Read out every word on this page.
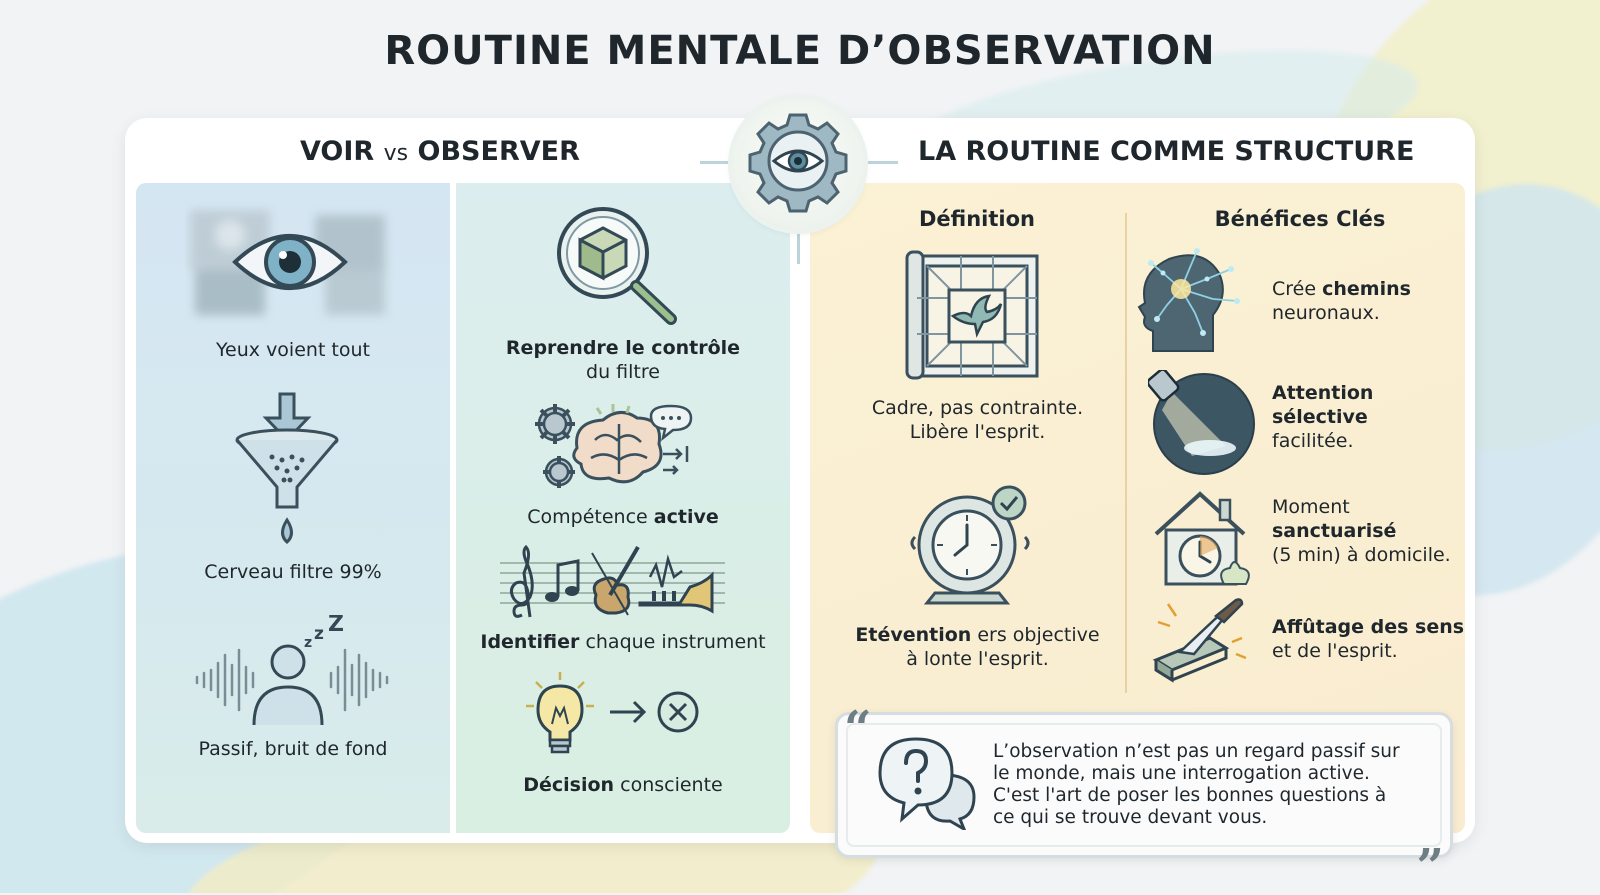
ROUTINE MENTALE D’OBSERVATION
VOIR vs OBSERVER	LA ROUTINE COMME STRUCTURE
Yeux voient tout
Cerveau filtre 99%
z z Z
Passif, bruit de fond
Reprendre le contrôle
du filtre
Compétence active
Identifier chaque instrument
Décision consciente
Définition	Bénéfices Clés
Cadre, pas contrainte.
Libère l'esprit.
Etévention ers objective
à lonte l'esprit.
Crée chemins
neuronaux.
Attention
sélective
facilitée.
Moment
sanctuarisé
(5 min) à domicile.
Affûtage des sens
et de l'esprit.
“
”
L’observation n’est pas un regard passif sur
le monde, mais une interrogation active.
C'est l'art de poser les bonnes questions à
ce qui se trouve devant vous.
